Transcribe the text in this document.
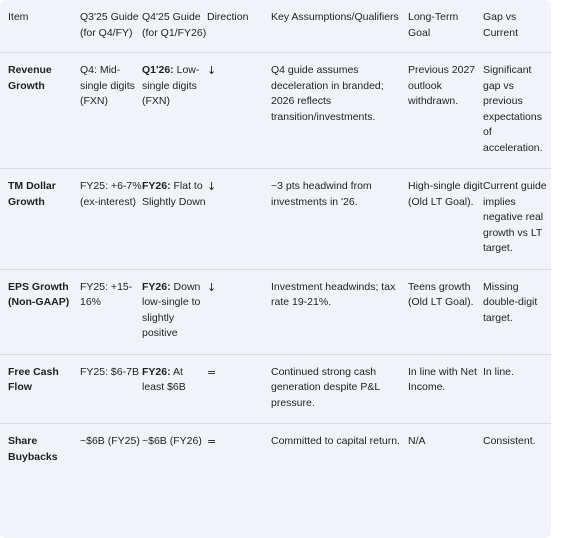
Item	Q3'25 Guide (for Q4/FY)	Q4'25 Guide (for Q1/FY26)	Direction	Key Assumptions/Qualifiers	Long-Term Goal	Gap vs Current
Revenue Growth	Q4: Mid-single digits (FXN)	Q1'26: Low-single digits (FXN)	↓	Q4 guide assumes deceleration in branded; 2026 reflects transition/investments.	Previous 2027 outlook withdrawn.	Significant gap vs previous expectations of acceleration.
TM Dollar Growth	FY25: +6-7% (ex-interest)	FY26: Flat to Slightly Down	↓	~3 pts headwind from investments in '26.	High-single digit (Old LT Goal).	Current guide implies negative real growth vs LT target.
EPS Growth (Non-GAAP)	FY25: +15-16%	FY26: Down low-single to slightly positive	↓	Investment headwinds; tax rate 19-21%.	Teens growth (Old LT Goal).	Missing double-digit target.
Free Cash Flow	FY25: $6-7B	FY26: At least $6B	=	Continued strong cash generation despite P&L pressure.	In line with Net Income.	In line.
Share Buybacks	~$6B (FY25)	~$6B (FY26)	=	Committed to capital return.	N/A	Consistent.
